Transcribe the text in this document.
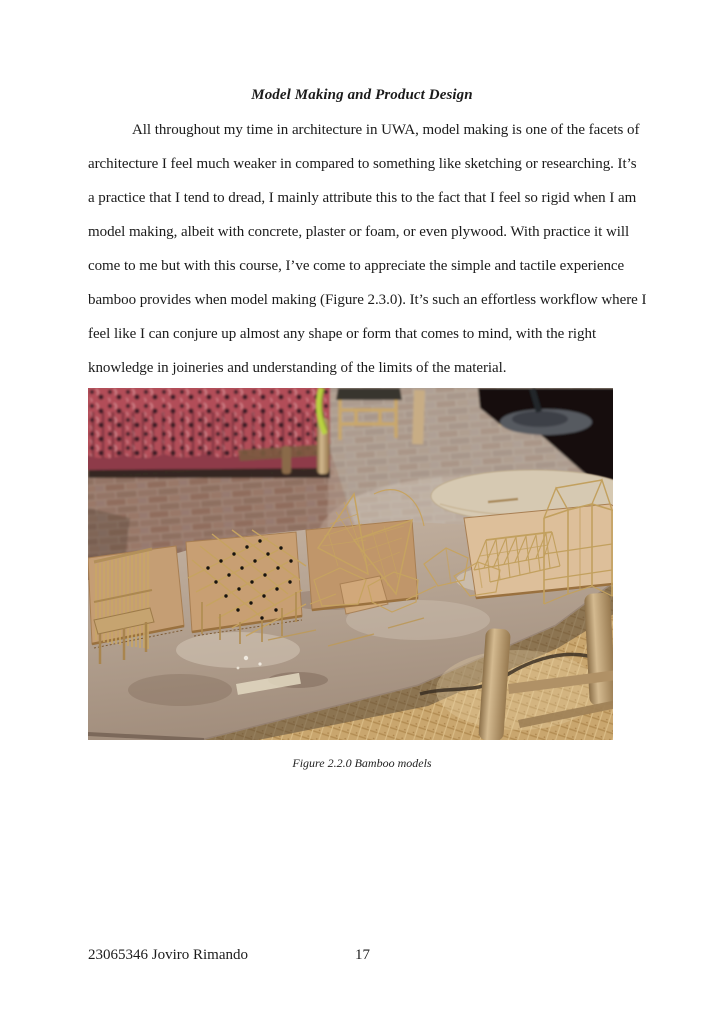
Model Making and Product Design
All throughout my time in architecture in UWA, model making is one of the facets of
architecture I feel much weaker in compared to something like sketching or researching. It’s
a practice that I tend to dread, I mainly attribute this to the fact that I feel so rigid when I am
model making, albeit with concrete, plaster or foam, or even plywood. With practice it will
come to me but with this course, I’ve come to appreciate the simple and tactile experience
bamboo provides when model making (Figure 2.3.0). It’s such an effortless workflow where I
feel like I can conjure up almost any shape or form that comes to mind, with the right
knowledge in joineries and understanding of the limits of the material.
Figure 2.2.0 Bamboo models
23065346 Joviro Rimando	17
